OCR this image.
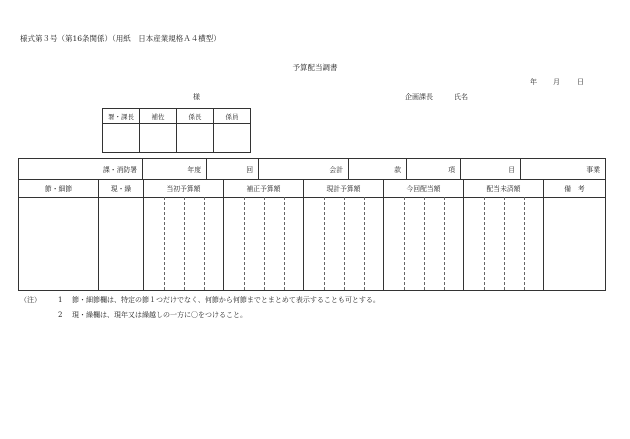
様式第３号（第16条関係）（用紙　日本産業規格Ａ４横型）
予算配当調書
年 月 日
様	企画課長	氏名
署・課長	補佐	係長	係員

課・消防署	年度	回	会計	款	項	目	事業
節・細節	現・繰	当初予算額	補正予算額	現計予算額	今回配当額	配当未済額	備　考
（注） 1 節・細節欄は、特定の節１つだけでなく、何節から何節までとまとめて表示することも可とする。
2 現・繰欄は、現年又は繰越しの一方に〇をつけること。
